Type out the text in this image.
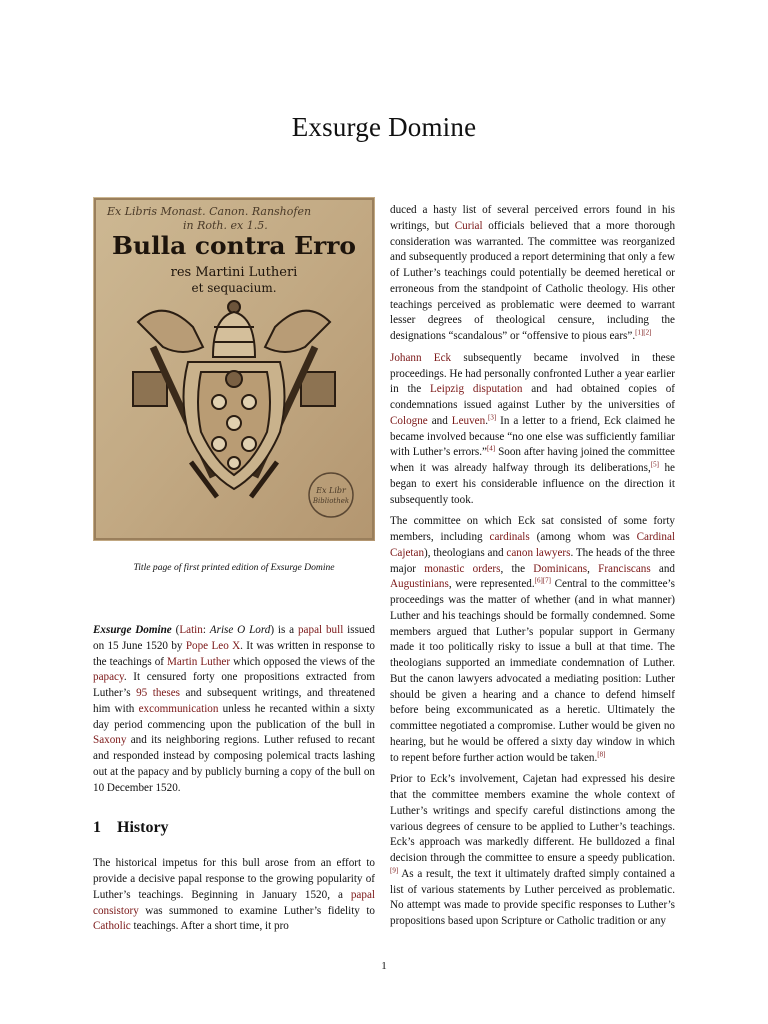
Exsurge Domine
Ex Libris Monast. Canon. Ranshofen
in Roth. ex 1.5.
Bulla contra Erro
res Martini Lutheri
et sequacium.
Ex Libr
Bibliothek
Title page of first printed edition of Exsurge Domine

Exsurge Domine (Latin: Arise O Lord) is a papal bull issued on 15 June 1520 by Pope Leo X. It was written in response to the teachings of Martin Luther which opposed the views of the papacy. It censured forty one propositions extracted from Luther’s 95 theses and subsequent writings, and threatened him with excommunication unless he recanted within a sixty day period commencing upon the publication of the bull in Saxony and its neighboring regions. Luther refused to recant and responded instead by composing polemical tracts lashing out at the papacy and by publicly burning a copy of the bull on 10 December 1520.

1 History

The historical impetus for this bull arose from an effort to provide a decisive papal response to the growing popularity of Luther’s teachings. Beginning in January 1520, a papal consistory was summoned to examine Luther’s fidelity to Catholic teachings. After a short time, it pro

duced a hasty list of several perceived errors found in his writings, but Curial officials believed that a more thorough consideration was warranted. The committee was reorganized and subsequently produced a report determining that only a few of Luther’s teachings could potentially be deemed heretical or erroneous from the standpoint of Catholic theology. His other teachings perceived as problematic were deemed to warrant lesser degrees of theological censure, including the designations “scandalous” or “offensive to pious ears”.[1][2]

Johann Eck subsequently became involved in these proceedings. He had personally confronted Luther a year earlier in the Leipzig disputation and had obtained copies of condemnations issued against Luther by the universities of Cologne and Leuven.[3] In a letter to a friend, Eck claimed he became involved because “no one else was sufficiently familiar with Luther’s errors.”[4] Soon after having joined the committee when it was already halfway through its deliberations,[5] he began to exert his considerable influence on the direction it subsequently took.

The committee on which Eck sat consisted of some forty members, including cardinals (among whom was Cardinal Cajetan), theologians and canon lawyers. The heads of the three major monastic orders, the Dominicans, Franciscans and Augustinians, were represented.[6][7] Central to the committee’s proceedings was the matter of whether (and in what manner) Luther and his teachings should be formally condemned. Some members argued that Luther’s popular support in Germany made it too politically risky to issue a bull at that time. The theologians supported an immediate condemnation of Luther. But the canon lawyers advocated a mediating position: Luther should be given a hearing and a chance to defend himself before being excommunicated as a heretic. Ultimately the committee negotiated a compromise. Luther would be given no hearing, but he would be offered a sixty day window in which to repent before further action would be taken.[8]

Prior to Eck’s involvement, Cajetan had expressed his desire that the committee members examine the whole context of Luther’s writings and specify careful distinctions among the various degrees of censure to be applied to Luther’s teachings. Eck’s approach was markedly different. He bulldozed a final decision through the committee to ensure a speedy publication.[9] As a result, the text it ultimately drafted simply contained a list of various statements by Luther perceived as problematic. No attempt was made to provide specific responses to Luther’s propositions based upon Scripture or Catholic tradition or any

1
